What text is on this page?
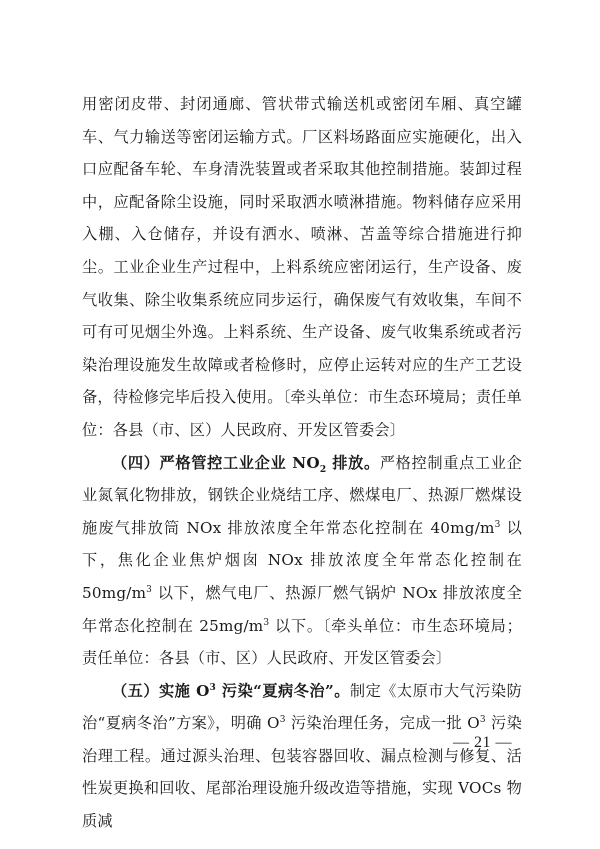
用密闭皮带、封闭通廊、管状带式输送机或密闭车厢、真空罐车、气力输送等密闭运输方式。厂区料场路面应实施硬化，出入口应配备车轮、车身清洗装置或者采取其他控制措施。装卸过程中，应配备除尘设施，同时采取洒水喷淋措施。物料储存应采用入棚、入仓储存，并设有洒水、喷淋、苫盖等综合措施进行抑尘。工业企业生产过程中，上料系统应密闭运行，生产设备、废气收集、除尘收集系统应同步运行，确保废气有效收集，车间不可有可见烟尘外逸。上料系统、生产设备、废气收集系统或者污染治理设施发生故障或者检修时，应停止运转对应的生产工艺设备，待检修完毕后投入使用。〔牵头单位：市生态环境局；责任单位：各县（市、区）人民政府、开发区管委会〕

（四）严格管控工业企业 $NO_2$ 排放。严格控制重点工业企业氮氧化物排放，钢铁企业烧结工序、燃煤电厂、热源厂燃煤设施废气排放筒 NOx 排放浓度全年常态化控制在 $40mg/m^3$ 以下，焦化企业焦炉烟囱 NOx 排放浓度全年常态化控制在 $50mg/m^3$ 以下，燃气电厂、热源厂燃气锅炉 NOx 排放浓度全年常态化控制在 $25mg/m^3$ 以下。〔牵头单位：市生态环境局；责任单位：各县（市、区）人民政府、开发区管委会〕

（五）实施 $O^3$ 污染“夏病冬治”。制定《太原市大气污染防治“夏病冬治”方案》，明确 $O^3$ 污染治理任务，完成一批 $O^3$ 污染治理工程。通过源头治理、包装容器回收、漏点检测与修复、活性炭更换和回收、尾部治理设施升级改造等措施，实现 VOCs 物质减

— 21 —
